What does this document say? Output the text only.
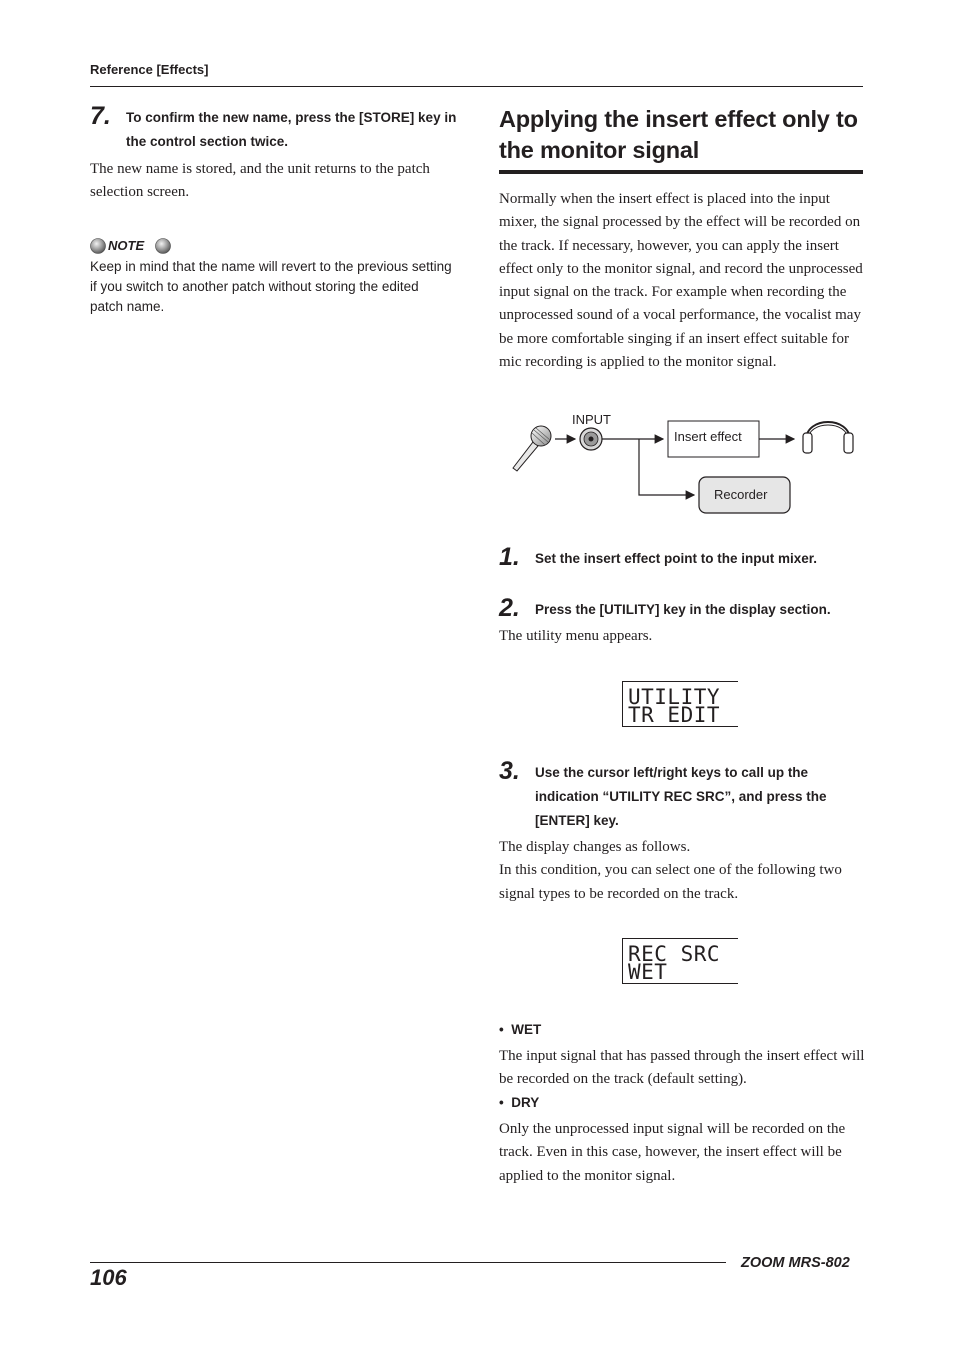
Reference [Effects]
7. To confirm the new name, press the [STORE] key in
the control section twice.
The new name is stored, and the unit returns to the patch
selection screen.
NOTE
Keep in mind that the name will revert to the previous setting
if you switch to another patch without storing the edited
patch name.
Applying the insert effect only to
the monitor signal
Normally when the insert effect is placed into the input
mixer, the signal processed by the effect will be recorded on
the track. If necessary, however, you can apply the insert
effect only to the monitor signal, and record the unprocessed
input signal on the track. For example when recording the
unprocessed sound of a vocal performance, the vocalist may
be more comfortable singing if an insert effect suitable for
mic recording is applied to the monitor signal.
INPUT
Insert effect
Recorder
1. Set the insert effect point to the input mixer.
2. Press the [UTILITY] key in the display section.
The utility menu appears.
UTILITY
TR EDIT
3. Use the cursor left/right keys to call up the
indication “UTILITY REC SRC”, and press the
[ENTER] key.
The display changes as follows.
In this condition, you can select one of the following two
signal types to be recorded on the track.
REC SRC
WET
• WET
The input signal that has passed through the insert effect will
be recorded on the track (default setting).
• DRY
Only the unprocessed input signal will be recorded on the
track. Even in this case, however, the insert effect will be
applied to the monitor signal.
106
ZOOM MRS-802
